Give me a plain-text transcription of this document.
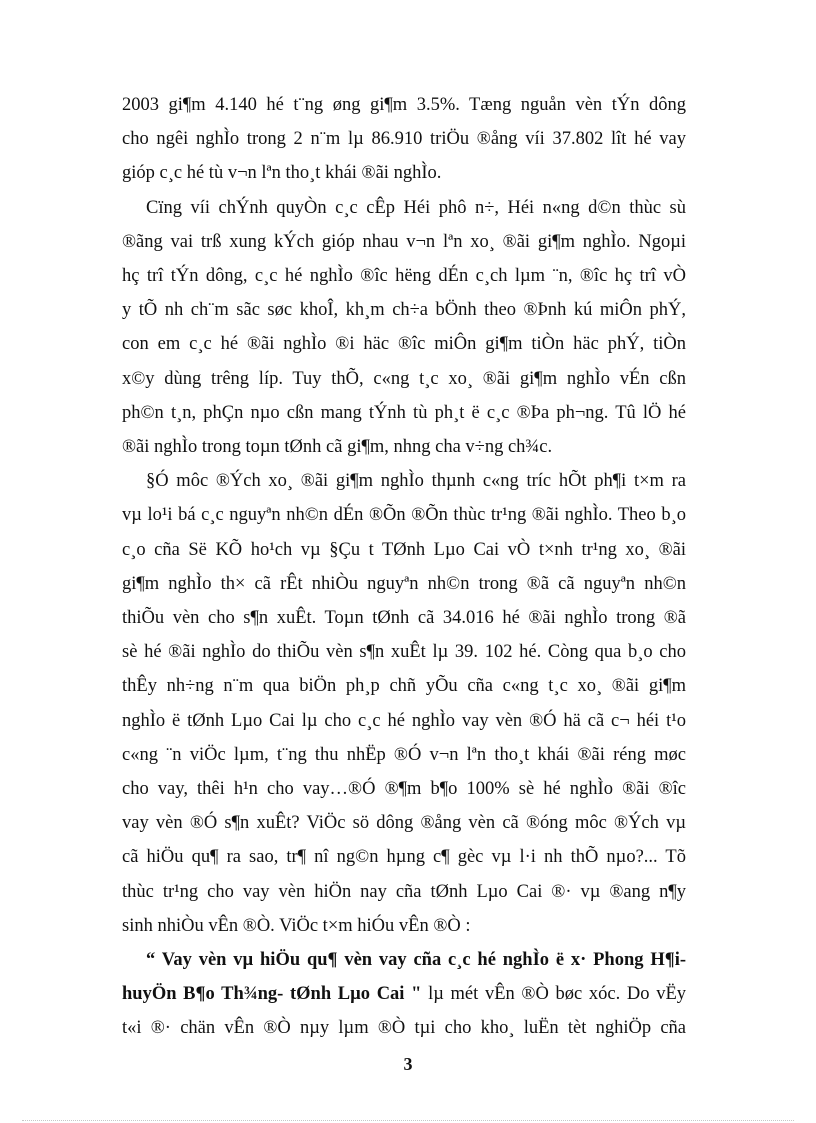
2003 gi¶m 4.140 hé t¨ng øng gi¶m 3.5%. Tæng nguån vèn tÝn dông
cho ngêi nghÌo trong 2 n¨m lµ 86.910 triÖu ®ång víi 37.802 lît hé vay
gióp c¸c hé tù v¬n lªn tho¸t khái ®ãi nghÌo.
Cïng víi chÝnh quyÒn c¸c cÊp Héi phô n÷, Héi n«ng d©n thùc sù
®ãng vai trß xung kÝch gióp nhau v¬n lªn xo¸ ®ãi gi¶m nghÌo. Ngoµi
hç trî tÝn dông, c¸c hé nghÌo ®îc hëng dÉn c¸ch lµm ¨n, ®îc hç trî vÒ
y tÕ nh ch¨m sãc søc khoÎ, kh¸m ch÷a bÖnh theo ®Þnh kú miÔn phÝ,
con em c¸c hé ®ãi nghÌo ®i häc ®îc miÔn gi¶m tiÒn häc phÝ, tiÒn
x©y dùng trêng líp. Tuy thÕ, c«ng t¸c xo¸ ®ãi gi¶m nghÌo vÉn cßn
ph©n t¸n, phÇn nµo cßn mang tÝnh tù ph¸t ë c¸c ®Þa ph¬ng. Tû lÖ hé
®ãi nghÌo trong toµn tØnh cã gi¶m, nhng cha v÷ng ch¾c.
§Ó môc ®Ých xo¸ ®ãi gi¶m nghÌo thµnh c«ng tríc hÕt ph¶i t×m ra
vµ lo¹i bá c¸c nguyªn nh©n dÉn ®Õn ®Õn thùc tr¹ng ®ãi nghÌo. Theo b¸o
c¸o cña Së KÕ ho¹ch vµ §Çu t TØnh Lµo Cai vÒ t×nh tr¹ng xo¸ ®ãi
gi¶m nghÌo th× cã rÊt nhiÒu nguyªn nh©n trong ®ã cã nguyªn nh©n
thiÕu vèn cho s¶n xuÊt. Toµn tØnh cã 34.016 hé ®ãi nghÌo trong ®ã
sè hé ®ãi nghÌo do thiÕu vèn s¶n xuÊt lµ 39. 102 hé. Còng qua b¸o cho
thÊy nh÷ng n¨m qua biÖn ph¸p chñ yÕu cña c«ng t¸c xo¸ ®ãi gi¶m
nghÌo ë tØnh Lµo Cai lµ cho c¸c hé nghÌo vay vèn ®Ó hä cã c¬ héi t¹o
c«ng ¨n viÖc lµm, t¨ng thu nhËp ®Ó v¬n lªn tho¸t khái ®ãi réng møc
cho vay, thêi h¹n cho vay…®Ó ®¶m b¶o 100% sè hé nghÌo ®ãi ®îc
vay vèn ®Ó s¶n xuÊt? ViÖc sö dông ®ång vèn cã ®óng môc ®Ých vµ
cã hiÖu qu¶ ra sao, tr¶ nî ng©n hµng c¶ gèc vµ l·i nh thÕ nµo?... Tõ
thùc tr¹ng cho vay vèn hiÖn nay cña tØnh Lµo Cai ®· vµ ®ang n¶y
sinh nhiÒu vÊn ®Ò. ViÖc t×m hiÓu vÊn ®Ò :
“ Vay vèn vµ hiÖu qu¶ vèn vay cña c¸c hé nghÌo ë x· Phong H¶i-
huyÖn B¶o Th¾ng- tØnh Lµo Cai " lµ mét vÊn ®Ò bøc xóc. Do vËy
t«i ®· chän vÊn ®Ò nµy lµm ®Ò tµi cho kho¸ luËn tèt nghiÖp cña
3
